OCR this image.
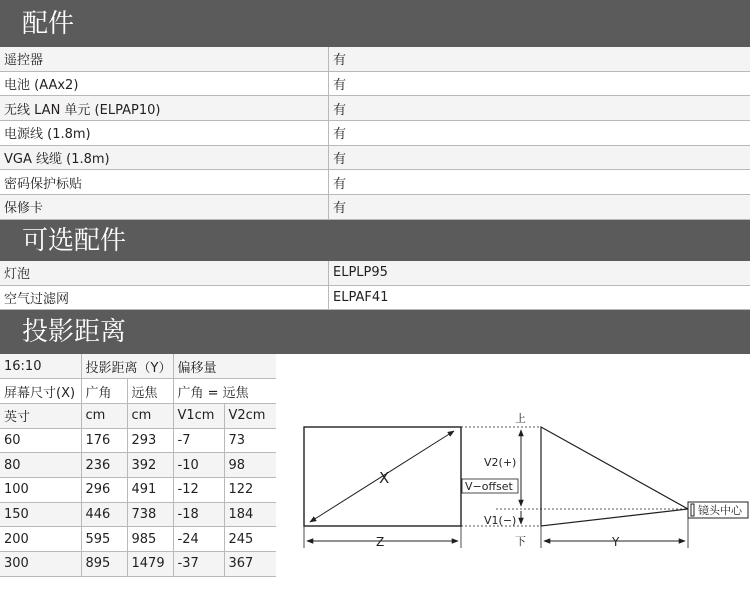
配件
遥控器	有
电池 (AAx2)	有
无线 LAN 单元 (ELPAP10)	有
电源线 (1.8m)	有
VGA 线缆 (1.8m)	有
密码保护标贴	有
保修卡	有
可选配件
灯泡	ELPLP95
空气过滤网	ELPAF41
投影距离
16:10	投影距离（Y）		偏移量	
屏幕尺寸(X)	广角	远焦	广角 = 远焦	
英寸	cm	cm	V1cm	V2cm
60	176	293	-7	73
80	236	392	-10	98
100	296	491	-12	122
150	446	738	-18	184
200	595	985	-24	245
300	895	1479	-37	367
X
Z
上
V2(+)
V−offset
V1(−)
下	Y
镜头中心
